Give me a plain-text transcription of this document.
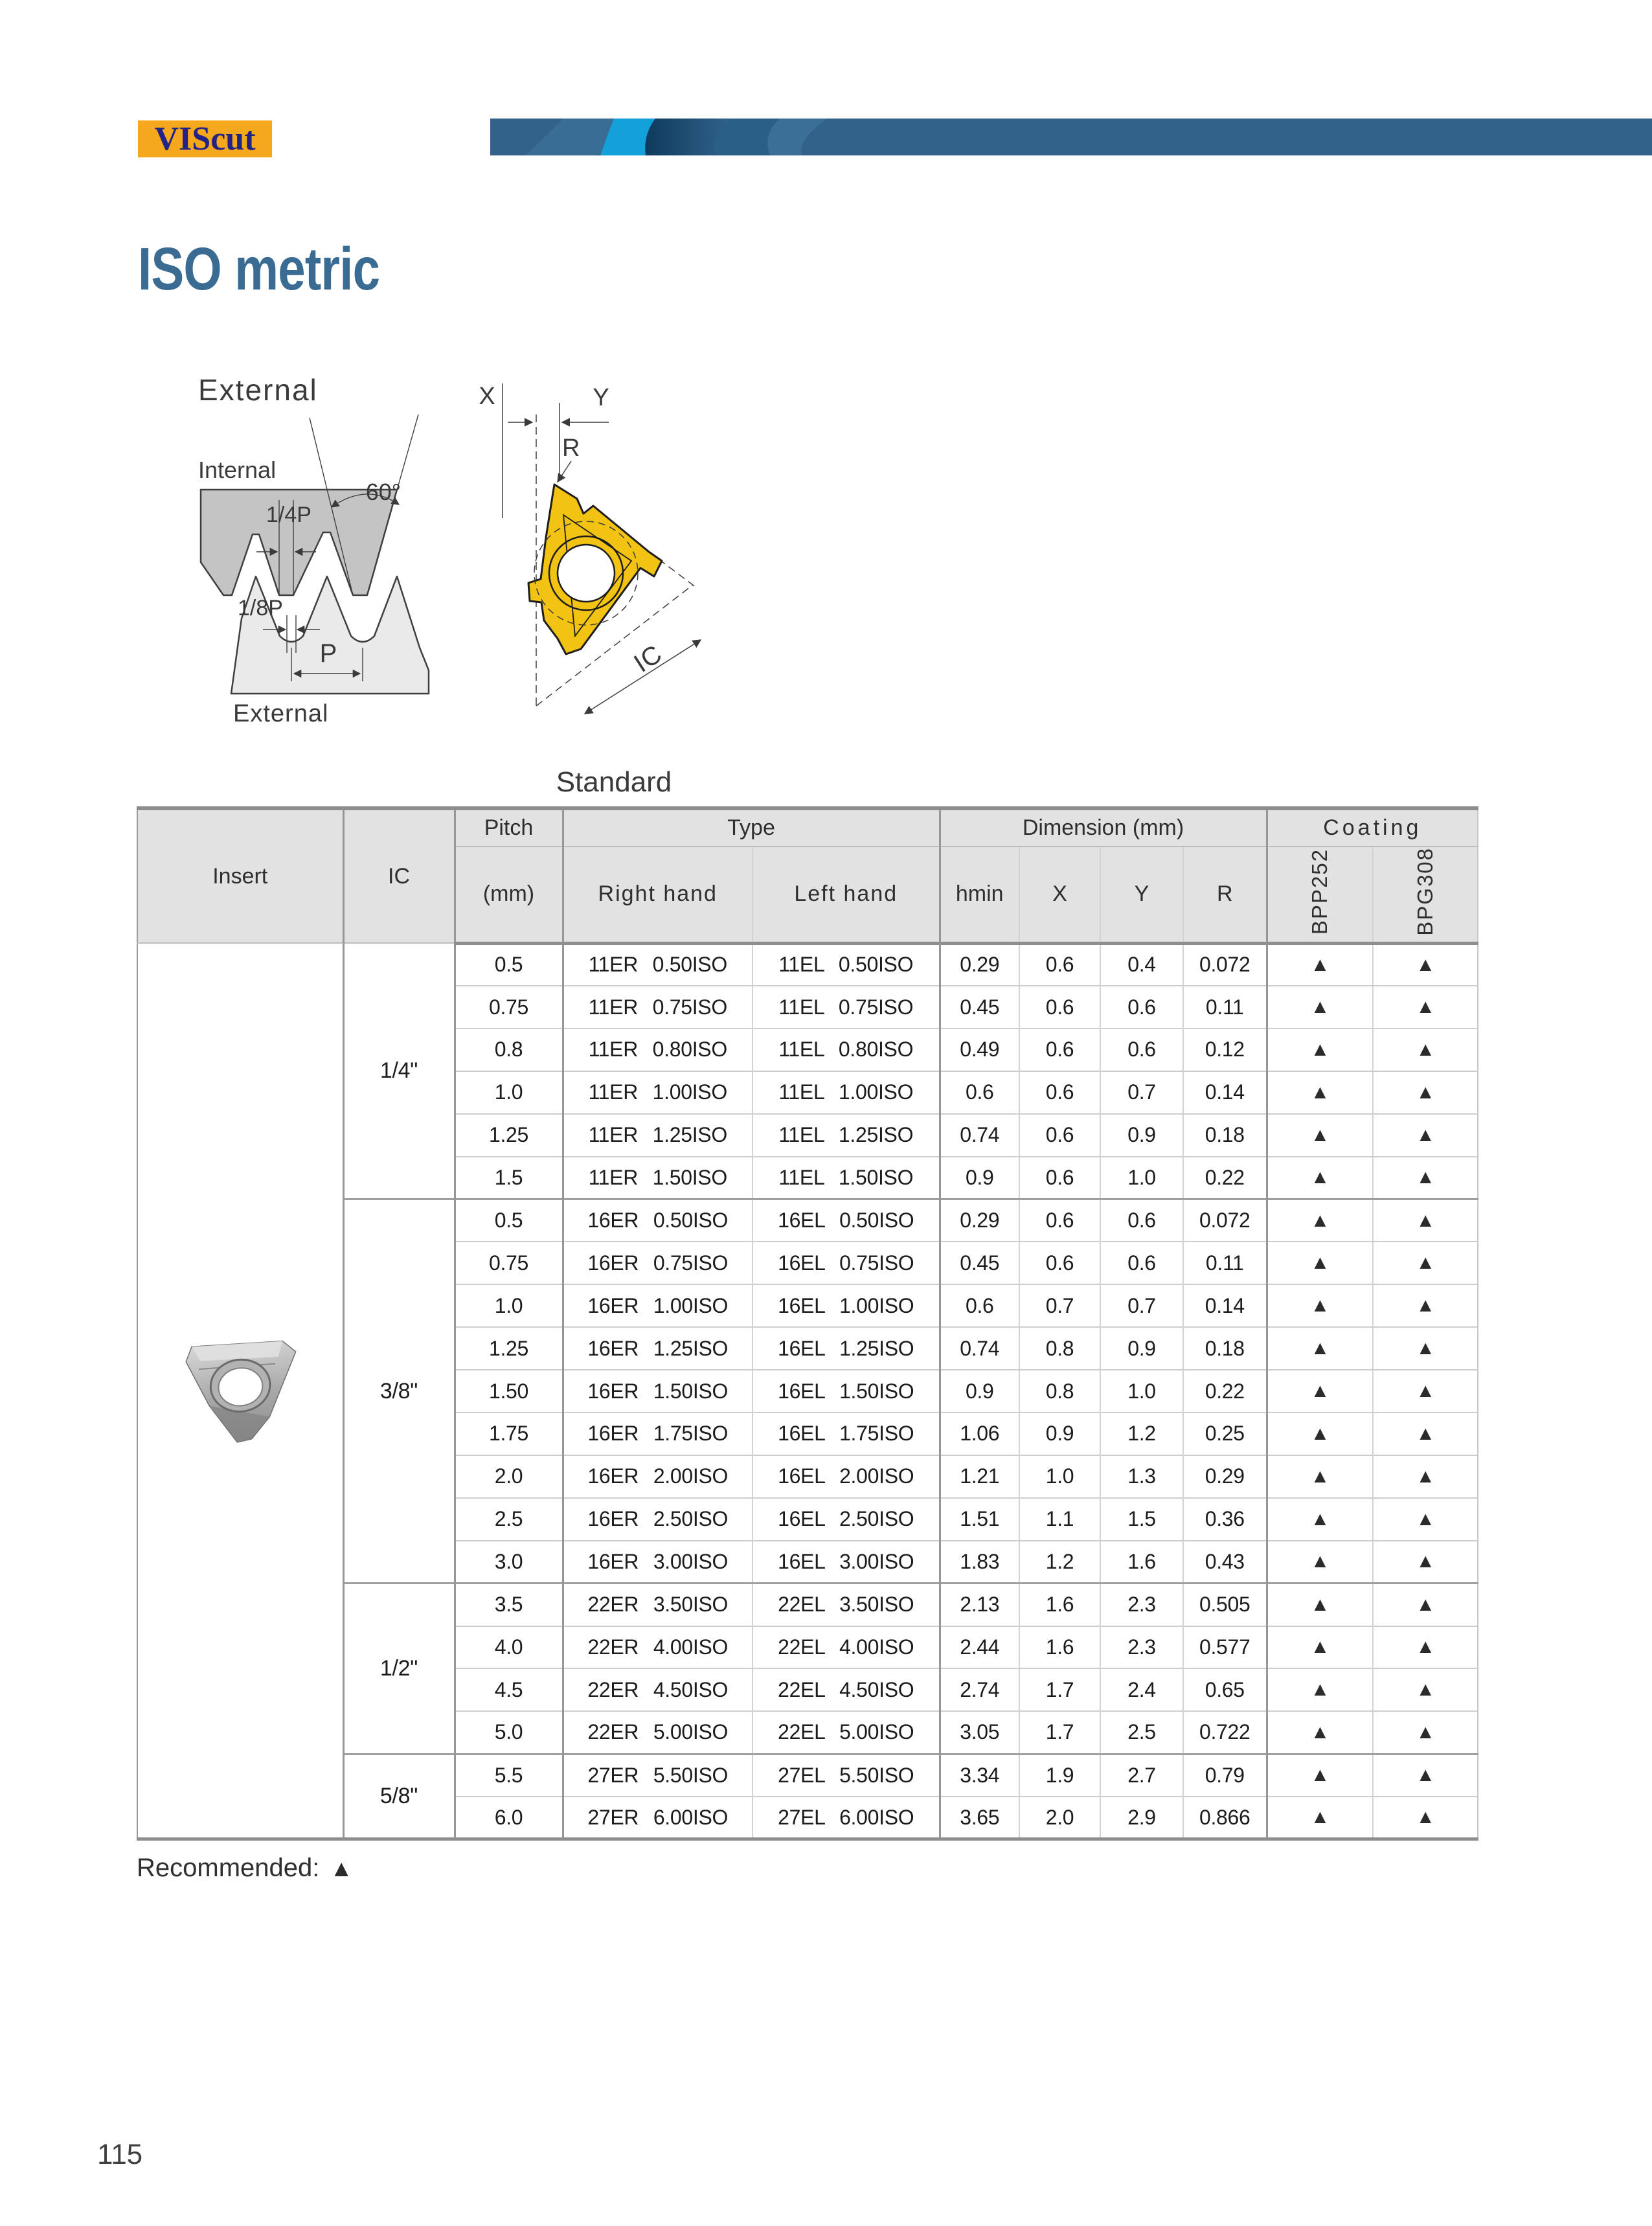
VIScut
ISO metric
External
Internal
60°
1/4P
1/8P
P
External
X	Y
R
IC
Standard
Insert	IC	Pitch	Type		Dimension (mm)				Coating	
		(mm)	Right hand	Left hand	hmin	X	Y	R	BPP252	BPG308

	1/4"	0.5	11ER 0.50ISO	11EL 0.50ISO	0.29	0.6	0.4	0.072	▲	▲
		0.75	11ER 0.75ISO	11EL 0.75ISO	0.45	0.6	0.6	0.11	▲	▲
		0.8	11ER 0.80ISO	11EL 0.80ISO	0.49	0.6	0.6	0.12	▲	▲
		1.0	11ER 1.00ISO	11EL 1.00ISO	0.6	0.6	0.7	0.14	▲	▲
		1.25	11ER 1.25ISO	11EL 1.25ISO	0.74	0.6	0.9	0.18	▲	▲
		1.5	11ER 1.50ISO	11EL 1.50ISO	0.9	0.6	1.0	0.22	▲	▲
	3/8"	0.5	16ER 0.50ISO	16EL 0.50ISO	0.29	0.6	0.6	0.072	▲	▲
		0.75	16ER 0.75ISO	16EL 0.75ISO	0.45	0.6	0.6	0.11	▲	▲
		1.0	16ER 1.00ISO	16EL 1.00ISO	0.6	0.7	0.7	0.14	▲	▲
		1.25	16ER 1.25ISO	16EL 1.25ISO	0.74	0.8	0.9	0.18	▲	▲
		1.50	16ER 1.50ISO	16EL 1.50ISO	0.9	0.8	1.0	0.22	▲	▲
		1.75	16ER 1.75ISO	16EL 1.75ISO	1.06	0.9	1.2	0.25	▲	▲
		2.0	16ER 2.00ISO	16EL 2.00ISO	1.21	1.0	1.3	0.29	▲	▲
		2.5	16ER 2.50ISO	16EL 2.50ISO	1.51	1.1	1.5	0.36	▲	▲
		3.0	16ER 3.00ISO	16EL 3.00ISO	1.83	1.2	1.6	0.43	▲	▲
	1/2"	3.5	22ER 3.50ISO	22EL 3.50ISO	2.13	1.6	2.3	0.505	▲	▲
		4.0	22ER 4.00ISO	22EL 4.00ISO	2.44	1.6	2.3	0.577	▲	▲
		4.5	22ER 4.50ISO	22EL 4.50ISO	2.74	1.7	2.4	0.65	▲	▲
		5.0	22ER 5.00ISO	22EL 5.00ISO	3.05	1.7	2.5	0.722	▲	▲
	5/8"	5.5	27ER 5.50ISO	27EL 5.50ISO	3.34	1.9	2.7	0.79	▲	▲
		6.0	27ER 6.00ISO	27EL 6.00ISO	3.65	2.0	2.9	0.866	▲	▲
Recommended: ▲
115
